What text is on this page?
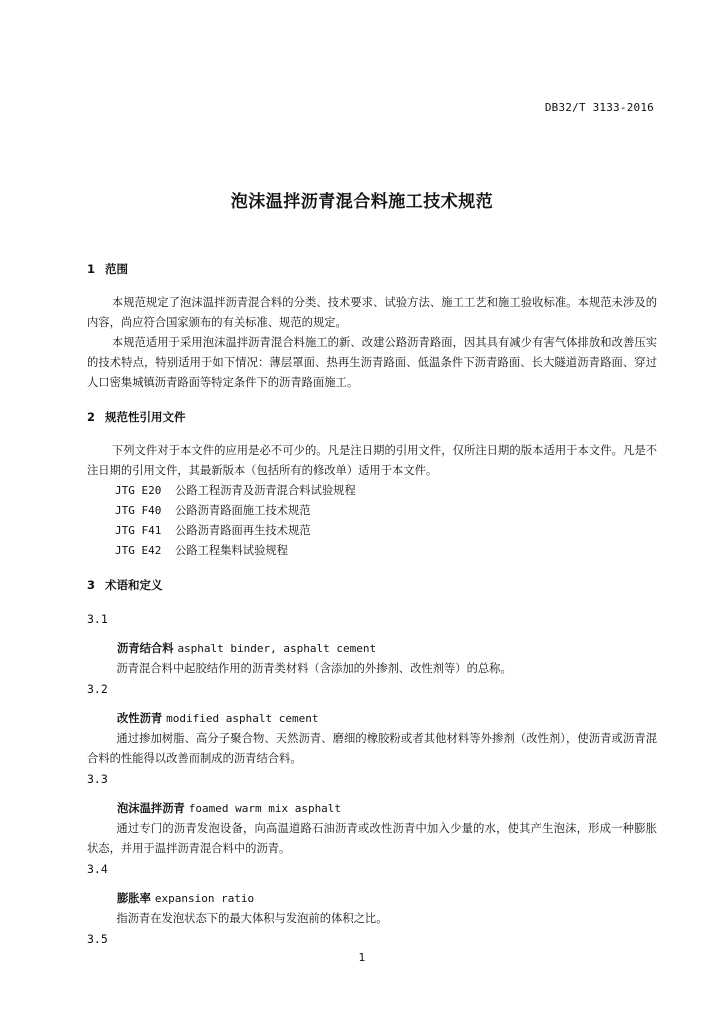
DB32/T 3133-2016
泡沫温拌沥青混合料施工技术规范
1 范围
本规范规定了泡沫温拌沥青混合料的分类、技术要求、试验方法、施工工艺和施工验收标准。本规范未涉及的内容，尚应符合国家颁布的有关标准、规范的规定。
本规范适用于采用泡沫温拌沥青混合料施工的新、改建公路沥青路面，因其具有减少有害气体排放和改善压实的技术特点，特别适用于如下情况：薄层罩面、热再生沥青路面、低温条件下沥青路面、长大隧道沥青路面、穿过人口密集城镇沥青路面等特定条件下的沥青路面施工。
2 规范性引用文件
下列文件对于本文件的应用是必不可少的。凡是注日期的引用文件，仅所注日期的版本适用于本文件。凡是不注日期的引用文件，其最新版本（包括所有的修改单）适用于本文件。
JTG E20	公路工程沥青及沥青混合料试验规程
JTG F40	公路沥青路面施工技术规范
JTG F41	公路沥青路面再生技术规范
JTG E42	公路工程集料试验规程
3 术语和定义
3.1
沥青结合料 asphalt binder, asphalt cement
沥青混合料中起胶结作用的沥青类材料（含添加的外掺剂、改性剂等）的总称。
3.2
改性沥青 modified asphalt cement
通过掺加树脂、高分子聚合物、天然沥青、磨细的橡胶粉或者其他材料等外掺剂（改性剂），使沥青或沥青混合料的性能得以改善而制成的沥青结合料。
3.3
泡沫温拌沥青 foamed warm mix asphalt
通过专门的沥青发泡设备，向高温道路石油沥青或改性沥青中加入少量的水，使其产生泡沫，形成一种膨胀状态，并用于温拌沥青混合料中的沥青。
3.4
膨胀率 expansion ratio
指沥青在发泡状态下的最大体积与发泡前的体积之比。
3.5
1
